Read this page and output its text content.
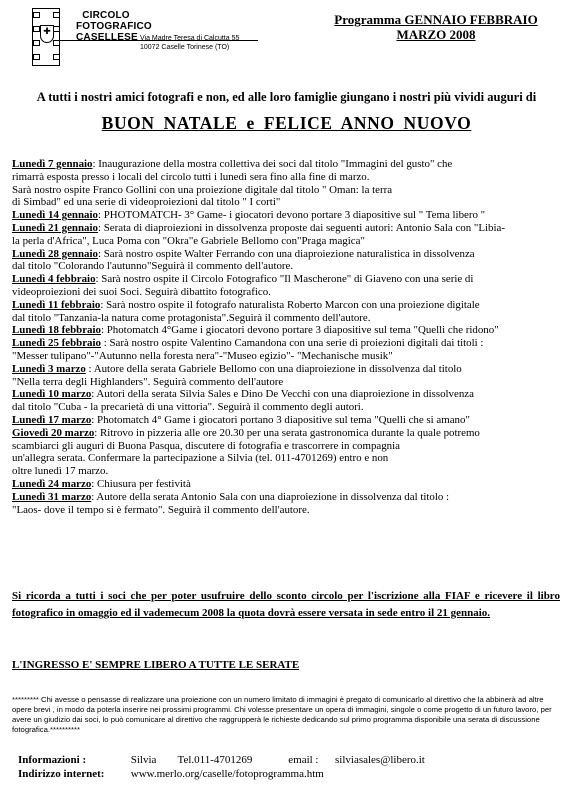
✚
CIRCOLO
FOTOGRAFICO
CASELLESE Via Madre Teresa di Calcutta 55
10072 Caselle Torinese (TO)
Programma GENNAIO FEBBRAIO
MARZO 2008
A tutti i nostri amici fotografi e non, ed alle loro famiglie giungano i nostri più vividi auguri di
BUON NATALE e FELICE ANNO NUOVO
Lunedì 7 gennaio: Inaugurazione della mostra collettiva dei soci dal titolo "Immagini del gusto" che
rimarrà esposta presso i locali del circolo tutti i lunedì sera fino alla fine di marzo.
Sarà nostro ospite Franco Gollini con una proiezione digitale dal titolo " Oman: la terra
di Simbad" ed una serie di videoproiezioni dal titolo " I corti"
Lunedì 14 gennaio: PHOTOMATCH- 3° Game- i giocatori devono portare 3 diapositive sul " Tema libero "
Lunedì 21 gennaio: Serata di diaproiezioni in dissolvenza proposte dai seguenti autori: Antonio Sala con "Libia-
la perla d'Africa", Luca Poma con "Okra"e Gabriele Bellomo con"Praga magica"
Lunedì 28 gennaio: Sarà nostro ospite Walter Ferrando con una diaproiezione naturalistica in dissolvenza
dal titolo "Colorando l'autunno"Seguirà il commento dell'autore.
Lunedì 4 febbraio: Sarà nostro ospite il Circolo Fotografico "Il Mascherone" di Giaveno con una serie di
videoproiezioni dei suoi Soci. Seguirà dibattito fotografico.
Lunedì 11 febbraio: Sarà nostro ospite il fotografo naturalista Roberto Marcon con una proiezione digitale
dal titolo "Tanzania-la natura come protagonista".Seguirà il commento dell'autore.
Lunedì 18 febbraio: Photomatch 4°Game i giocatori devono portare 3 diapositive sul tema "Quelli che ridono"
Lunedì 25 febbraio : Sarà nostro ospite Valentino Camandona con una serie di proiezioni digitali dai titoli :
"Messer tulipano"-"Autunno nella foresta nera"-"Museo egizio"- "Mechanische musik"
Lunedì 3 marzo : Autore della serata Gabriele Bellomo con una diaproiezione in dissolvenza dal titolo
"Nella terra degli Highlanders". Seguirà commento dell'autore
Lunedì 10 marzo: Autori della serata Silvia Sales e Dino De Vecchi con una diaproiezione in dissolvenza
dal titolo "Cuba - la precarietà di una vittoria". Seguirà il commento degli autori.
Lunedì 17 marzo: Photomatch 4° Game i giocatori portano 3 diapositive sul tema "Quelli che si amano"
Giovedì 20 marzo: Ritrovo in pizzeria alle ore 20.30 per una serata gastronomica durante la quale potremo
scambiarci gli auguri di Buona Pasqua, discutere di fotografia e trascorrere in compagnia
un'allegra serata. Confermare la partecipazione a Silvia (tel. 011-4701269) entro e non
oltre lunedì 17 marzo.
Lunedì 24 marzo: Chiusura per festività
Lunedì 31 marzo: Autore della serata Antonio Sala con una diaproiezione in dissolvenza dal titolo :
"Laos- dove il tempo si è fermato". Seguirà il commento dell'autore.
Si ricorda a tutti i soci che per poter usufruire dello sconto circolo per l'iscrizione alla FIAF e ricevere il libro fotografico in omaggio ed il vademecum 2008 la quota dovrà essere versata in sede entro il 21 gennaio.
L'INGRESSO E' SEMPRE LIBERO A TUTTE LE SERATE
********* Chi avesse o pensasse di realizzare una proiezione con un numero limitato di immagini è pregato di comunicarlo al direttivo che la abbinerà ad altre opere brevi , in modo da poterla inserire nei prossimi programmi. Chi volesse presentare un opera di immagini, singole o come progetto di un futuro lavoro, per avere un giudizio dai soci, lo può comunicare al direttivo che raggrupperà le richieste dedicando sul primo programma disponibile una serata di discussione fotografica.**********
Informazioni :	Silvia Tel.011-4701269	email : silviasales@libero.it
Indirizzo internet: www.merlo.org/caselle/fotoprogramma.htm
